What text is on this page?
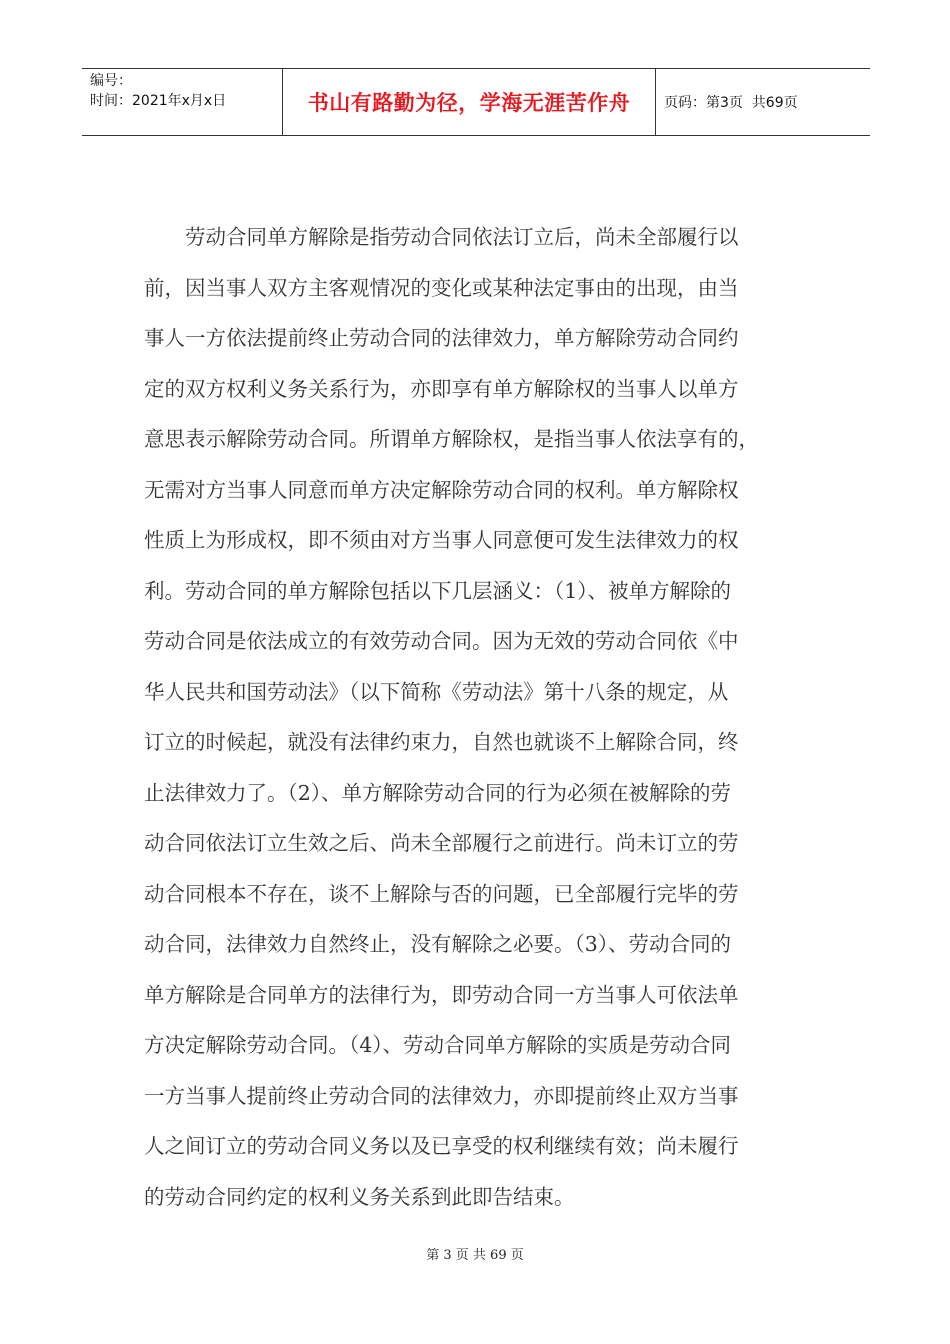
编号：
时间：2021年x月x日	书山有路勤为径，学海无涯苦作舟	页码：第3页  共69页
　　劳动合同单方解除是指劳动合同依法订立后，尚未全部履行以
前，因当事人双方主客观情况的变化或某种法定事由的出现，由当
事人一方依法提前终止劳动合同的法律效力，单方解除劳动合同约
定的双方权利义务关系行为，亦即享有单方解除权的当事人以单方
意思表示解除劳动合同。所谓单方解除权，是指当事人依法享有的，
无需对方当事人同意而单方决定解除劳动合同的权利。单方解除权
性质上为形成权，即不须由对方当事人同意便可发生法律效力的权
利。劳动合同的单方解除包括以下几层涵义：（1）、被单方解除的
劳动合同是依法成立的有效劳动合同。因为无效的劳动合同依《中
华人民共和国劳动法》（以下简称《劳动法》第十八条的规定，从
订立的时候起，就没有法律约束力，自然也就谈不上解除合同，终
止法律效力了。（2）、单方解除劳动合同的行为必须在被解除的劳
动合同依法订立生效之后、尚未全部履行之前进行。尚未订立的劳
动合同根本不存在，谈不上解除与否的问题，已全部履行完毕的劳
动合同，法律效力自然终止，没有解除之必要。（3）、劳动合同的
单方解除是合同单方的法律行为，即劳动合同一方当事人可依法单
方决定解除劳动合同。（4）、劳动合同单方解除的实质是劳动合同
一方当事人提前终止劳动合同的法律效力，亦即提前终止双方当事
人之间订立的劳动合同义务以及已享受的权利继续有效；尚未履行
的劳动合同约定的权利义务关系到此即告结束。
第 3 页 共 69 页
